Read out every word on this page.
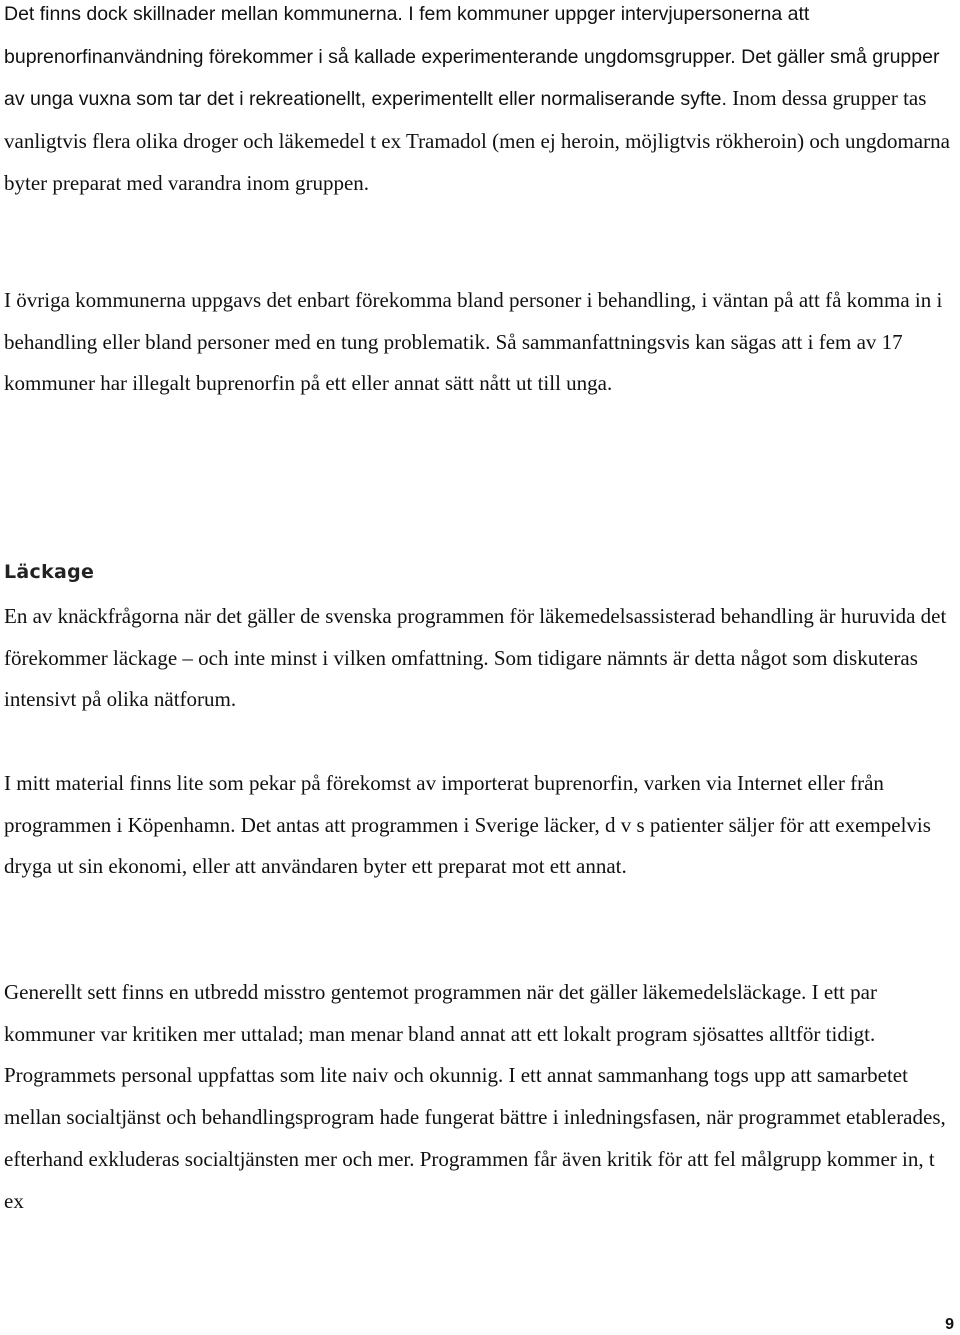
Det finns dock skillnader mellan kommunerna. I fem kommuner uppger intervjupersonerna att buprenorfinanvändning förekommer i så kallade experimenterande ungdomsgrupper. Det gäller små grupper av unga vuxna som tar det i rekreationellt, experimentellt eller normaliserande syfte. Inom dessa grupper tas vanligtvis flera olika droger och läkemedel t ex Tramadol (men ej heroin, möjligtvis rökheroin) och ungdomarna byter preparat med varandra inom gruppen.

I övriga kommunerna uppgavs det enbart förekomma bland personer i behandling, i väntan på att få komma in i behandling eller bland personer med en tung problematik. Så sammanfattningsvis kan sägas att i fem av 17 kommuner har illegalt buprenorfin på ett eller annat sätt nått ut till unga.

Läckage

En av knäckfrågorna när det gäller de svenska programmen för läkemedelsassisterad behandling är huruvida det förekommer läckage – och inte minst i vilken omfattning. Som tidigare nämnts är detta något som diskuteras intensivt på olika nätforum.

I mitt material finns lite som pekar på förekomst av importerat buprenorfin, varken via Internet eller från programmen i Köpenhamn. Det antas att programmen i Sverige läcker, d v s patienter säljer för att exempelvis dryga ut sin ekonomi, eller att användaren byter ett preparat mot ett annat.

Generellt sett finns en utbredd misstro gentemot programmen när det gäller läkemedelsläckage. I ett par kommuner var kritiken mer uttalad; man menar bland annat att ett lokalt program sjösattes alltför tidigt. Programmets personal uppfattas som lite naiv och okunnig. I ett annat sammanhang togs upp att samarbetet mellan socialtjänst och behandlingsprogram hade fungerat bättre i inledningsfasen, när programmet etablerades, efterhand exkluderas socialtjänsten mer och mer. Programmen får även kritik för att fel målgrupp kommer in, t ex

9
